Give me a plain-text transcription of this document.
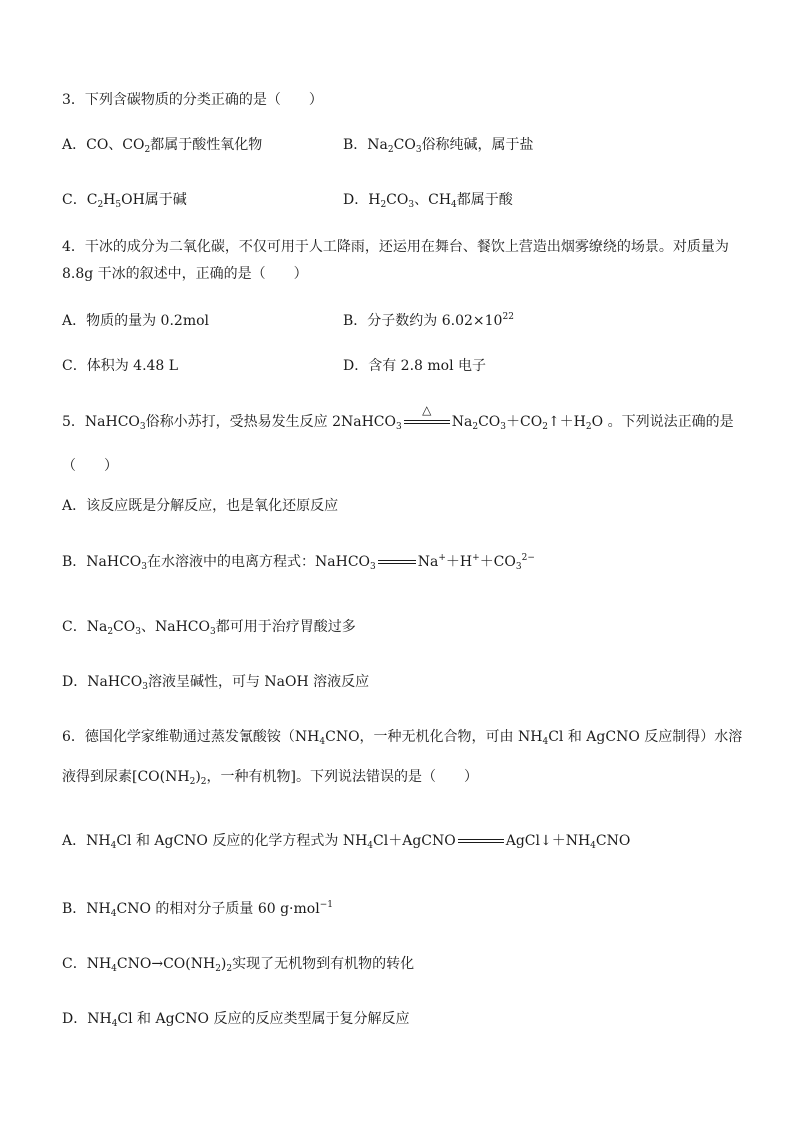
3．下列含碳物质的分类正确的是（　　）
A．CO、$CO_2$都属于酸性氧化物	B．$Na_2CO_3$俗称纯碱，属于盐
C．$C_2H_5OH$属于碱	D．$H_2CO_3$、$CH_4$都属于酸
4．干冰的成分为二氧化碳，不仅可用于人工降雨，还运用在舞台、餐饮上营造出烟雾缭绕的场景。对质量为
8.8g 干冰的叙述中，正确的是（　　）
A．物质的量为 0.2mol	B．分子数约为 $6.02\times 10^{22}$
C．体积为 4.48 L	D．含有 2.8 mol 电子
5．NaHCO$_3$俗称小苏打，受热易发生反应 2NaHCO$_3$
△
$Na_2CO_3+CO_2↑+H_2O$ 。下列说法正确的是
（　　）
A．该反应既是分解反应，也是氧化还原反应
B．NaHCO$_3$在水溶液中的电离方程式：NaHCO$_3$	$Na^++H^++CO_3^{2-}$
C．$Na_2CO_3$、NaHCO$_3$都可用于治疗胃酸过多
D．NaHCO$_3$溶液呈碱性，可与 NaOH 溶液反应
6．德国化学家维勒通过蒸发氰酸铵（$NH_4CNO$，一种无机化合物，可由 $NH_4Cl$ 和 AgCNO 反应制得）水溶
液得到尿素[$CO(NH_2)_2$，一种有机物]。下列说法错误的是（　　）
A．$NH_4Cl$ 和 AgCNO 反应的化学方程式为 $NH_4Cl+AgCNO$	$AgCl↓+NH_4CNO$
B．$NH_4CNO$ 的相对分子质量 60 g·mol$^{-1}$
C．$NH_4CNO\to CO(NH_2)_2$实现了无机物到有机物的转化
D．$NH_4Cl$ 和 AgCNO 反应的反应类型属于复分解反应
